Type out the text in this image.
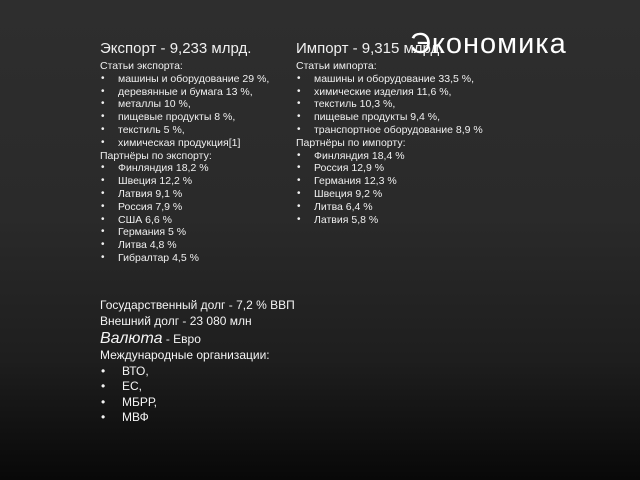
Экономика

Экспорт - 9,233 млрд.

Статьи экспорта:

• машины и оборудование 29 %,
• деревянные и бумага 13 %,
• металлы 10 %,
• пищевые продукты 8 %,
• текстиль 5 %,
• химическая продукция[1]

Партнёры по экспорту:

• Финляндия 18,2 %
• Швеция 12,2 %
• Латвия 9,1 %
• Россия 7,9 %
• США 6,6 %
• Германия 5 %
• Литва 4,8 %
• Гибралтар 4,5 %

Импорт - 9,315 млрд.

Статьи импорта:

• машины и оборудование 33,5 %,
• химические изделия 11,6 %,
• текстиль 10,3 %,
• пищевые продукты 9,4 %,
• транспортное оборудование 8,9 %

Партнёры по импорту:

• Финляндия 18,4 %
• Россия 12,9 %
• Германия 12,3 %
• Швеция 9,2 %
• Литва 6,4 %
• Латвия 5,8 %

Государственный долг - 7,2 % ВВП

Внешний долг - 23 080 млн

Валюта - Евро

Международные организации:

• ВТО,
• ЕС,
• МБРР,
• МВФ
